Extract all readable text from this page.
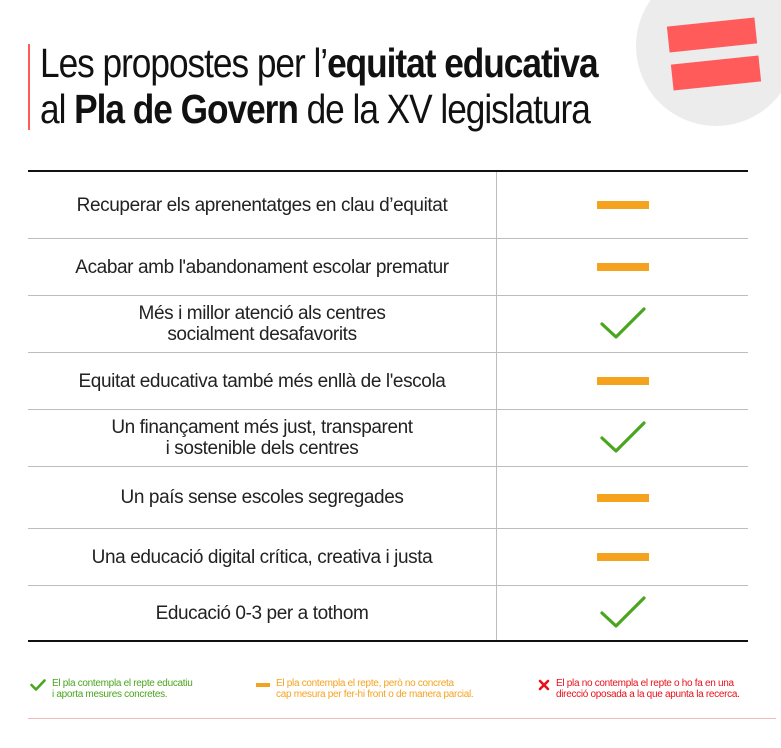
Les propostes per l’equitat educativa
al Pla de Govern de la XV legislatura
Recuperar els aprenentatges en clau d’equitat
Acabar amb l'abandonament escolar prematur
Més i millor atenció als centres
socialment desafavorits
Equitat educativa també més enllà de l'escola
Un finançament més just, transparent
i sostenible dels centres
Un país sense escoles segregades
Una educació digital crítica, creativa i justa
Educació 0-3 per a tothom
El pla contempla el repte educatiu
i aporta mesures concretes.
El pla contempla el repte, però no concreta
cap mesura per fer-hi front o de manera parcial.
El pla no contempla el repte o ho fa en una
direcció oposada a la que apunta la recerca.
